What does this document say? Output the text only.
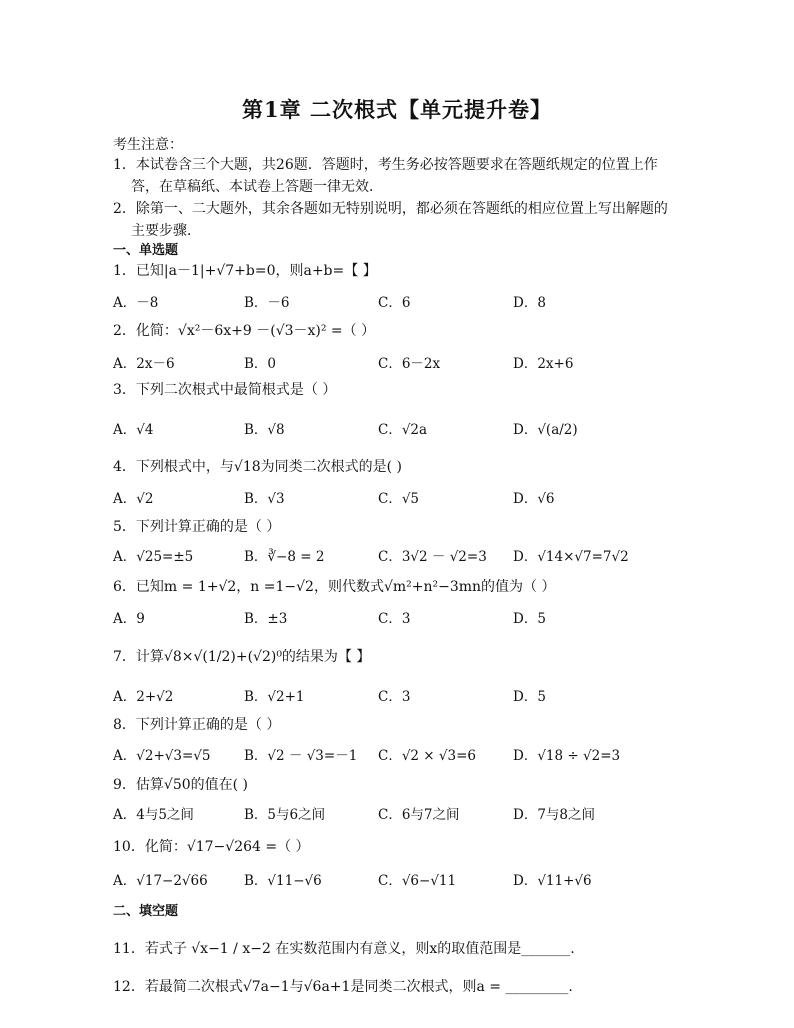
第1章 二次根式【单元提升卷】
考生注意：
1．本试卷含三个大题，共26题．答题时，考生务必按答题要求在答题纸规定的位置上作
答，在草稿纸、本试卷上答题一律无效．
2．除第一、二大题外，其余各题如无特别说明，都必须在答题纸的相应位置上写出解题的
主要步骤．
一、单选题
1．已知|a－1|+√7+b=0，则a+b=【 】
A．－8	B．－6	C．6	D．8
2．化简：√x²－6x+9 －(√3－x)² =（ ）
A．2x－6	B．0	C．6－2x	D．2x+6
3．下列二次根式中最简根式是（ ）
A．√4	B．√8	C．√2a	D．√(a/2)
4．下列根式中，与√18为同类二次根式的是( )
A．√2	B．√3	C．√5	D．√6
5．下列计算正确的是（ ）
A．√25=±5	B．∛−8 = 2	C．3√2 － √2=3 D．√14×√7=7√2
6．已知m = 1+√2，n =1−√2，则代数式√m²+n²−3mn的值为（ ）
A．9	B．±3	C．3	D．5
7．计算√8×√(1/2)+(√2)⁰的结果为【 】
A．2+√2	B．√2+1	C．3	D．5
8．下列计算正确的是（ ）
A．√2+√3=√5 B．√2 － √3=－1 C．√2 × √3=6	D．√18 ÷ √2=3
9．估算√50的值在( )
A．4与5之间	B．5与6之间	C．6与7之间	D．7与8之间
10．化简：√17−√264 =（ ）
A．√17−2√66	B．√11−√6	C．√6−√11	D．√11+√6
二、填空题
11．若式子 √x−1 / x−2 在实数范围内有意义，则x的取值范围是_______.
12．若最简二次根式√7a−1与√6a+1是同类二次根式，则a = _________.
